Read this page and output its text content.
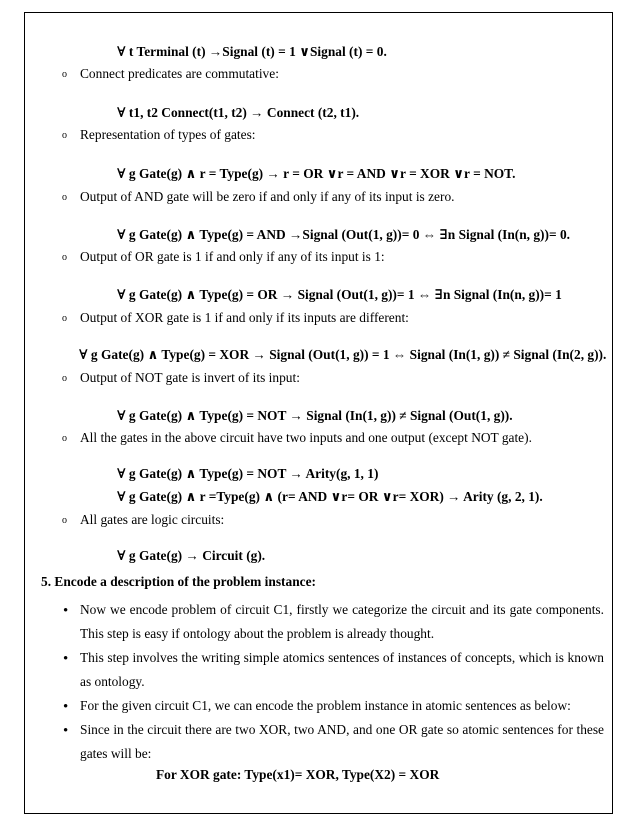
∀ t Terminal (t) →Signal (t) = 1 ∨Signal (t) = 0.
o Connect predicates are commutative:
∀ t1, t2 Connect(t1, t2) → Connect (t2, t1).
o Representation of types of gates:
∀ g Gate(g) ∧ r = Type(g) → r = OR ∨r = AND ∨r = XOR ∨r = NOT.
o Output of AND gate will be zero if and only if any of its input is zero.
∀ g Gate(g) ∧ Type(g) = AND →Signal (Out(1, g))= 0 ⇔ ∃n Signal (In(n, g))= 0.
o Output of OR gate is 1 if and only if any of its input is 1:
∀ g Gate(g) ∧ Type(g) = OR → Signal (Out(1, g))= 1 ⇔ ∃n Signal (In(n, g))= 1
o Output of XOR gate is 1 if and only if its inputs are different:
∀ g Gate(g) ∧ Type(g) = XOR → Signal (Out(1, g)) = 1 ⇔ Signal (In(1, g)) ≠ Signal (In(2, g)).
o Output of NOT gate is invert of its input:
∀ g Gate(g) ∧ Type(g) = NOT → Signal (In(1, g)) ≠ Signal (Out(1, g)).
o All the gates in the above circuit have two inputs and one output (except NOT gate).
∀ g Gate(g) ∧ Type(g) = NOT → Arity(g, 1, 1)
∀ g Gate(g) ∧ r =Type(g) ∧ (r= AND ∨r= OR ∨r= XOR) → Arity (g, 2, 1).
o All gates are logic circuits:
∀ g Gate(g) → Circuit (g).
5. Encode a description of the problem instance:
• Now we encode problem of circuit C1, firstly we categorize the circuit and its gate components. This step is easy if ontology about the problem is already thought.
• This step involves the writing simple atomics sentences of instances of concepts, which is known as ontology.
• For the given circuit C1, we can encode the problem instance in atomic sentences as below:
• Since in the circuit there are two XOR, two AND, and one OR gate so atomic sentences for these gates will be:
For XOR gate: Type(x1)= XOR, Type(X2) = XOR
